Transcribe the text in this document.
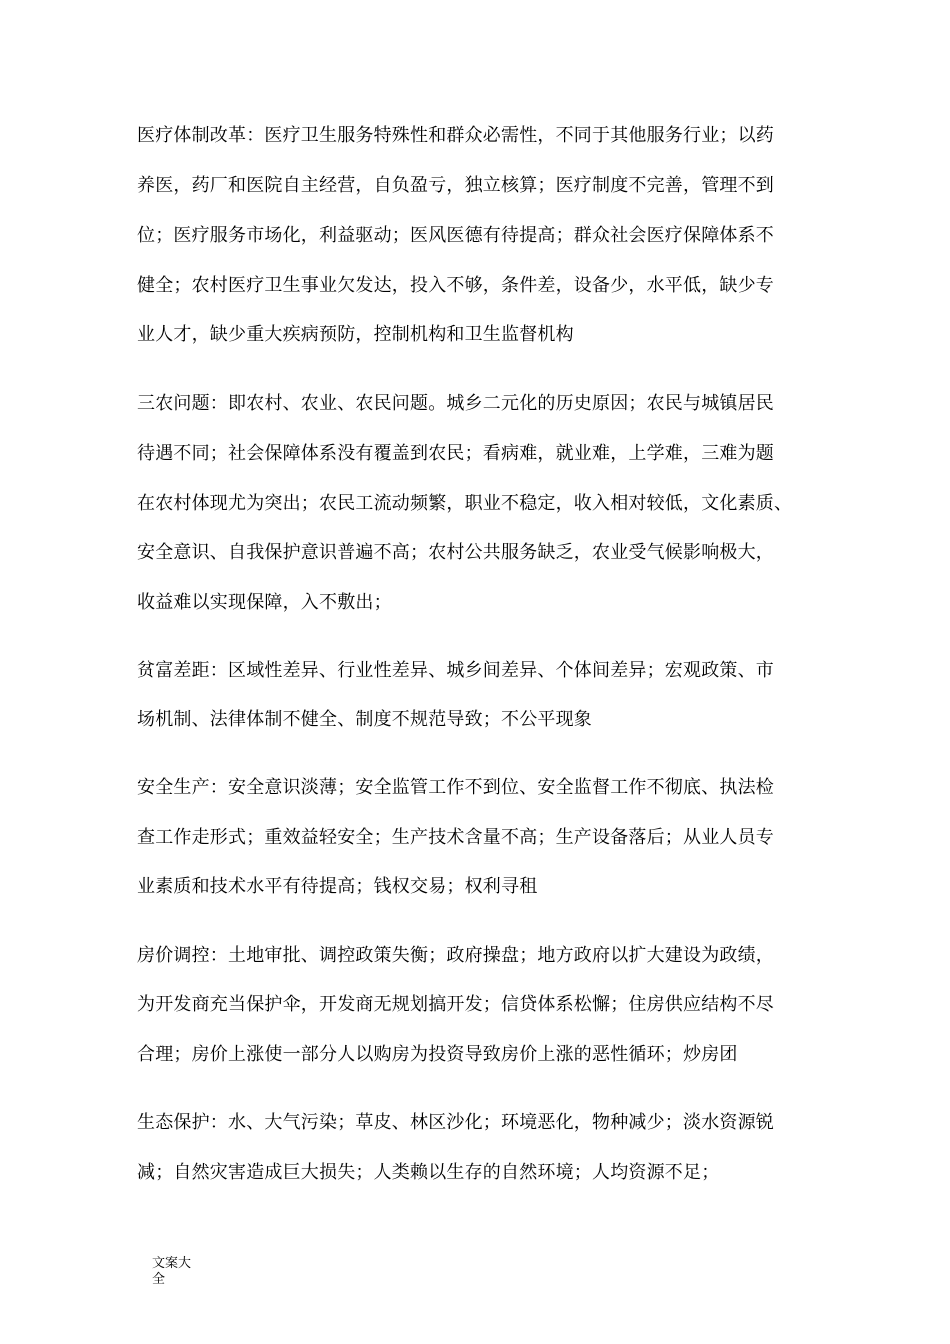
医疗体制改革：医疗卫生服务特殊性和群众必需性，不同于其他服务行业；以药
养医，药厂和医院自主经营，自负盈亏，独立核算；医疗制度不完善，管理不到
位；医疗服务市场化，利益驱动；医风医德有待提高；群众社会医疗保障体系不
健全；农村医疗卫生事业欠发达，投入不够，条件差，设备少，水平低，缺少专
业人才，缺少重大疾病预防，控制机构和卫生监督机构
三农问题：即农村、农业、农民问题。城乡二元化的历史原因；农民与城镇居民
待遇不同；社会保障体系没有覆盖到农民；看病难，就业难，上学难，三难为题
在农村体现尤为突出；农民工流动频繁，职业不稳定，收入相对较低，文化素质、
安全意识、自我保护意识普遍不高；农村公共服务缺乏，农业受气候影响极大，
收益难以实现保障，入不敷出；
贫富差距：区域性差异、行业性差异、城乡间差异、个体间差异；宏观政策、市
场机制、法律体制不健全、制度不规范导致；不公平现象
安全生产：安全意识淡薄；安全监管工作不到位、安全监督工作不彻底、执法检
查工作走形式；重效益轻安全；生产技术含量不高；生产设备落后；从业人员专
业素质和技术水平有待提高；钱权交易；权利寻租
房价调控：土地审批、调控政策失衡；政府操盘；地方政府以扩大建设为政绩，
为开发商充当保护伞，开发商无规划搞开发；信贷体系松懈；住房供应结构不尽
合理；房价上涨使一部分人以购房为投资导致房价上涨的恶性循环；炒房团
生态保护：水、大气污染；草皮、林区沙化；环境恶化，物种减少；淡水资源锐
减；自然灾害造成巨大损失；人类赖以生存的自然环境；人均资源不足；
文案大
全
